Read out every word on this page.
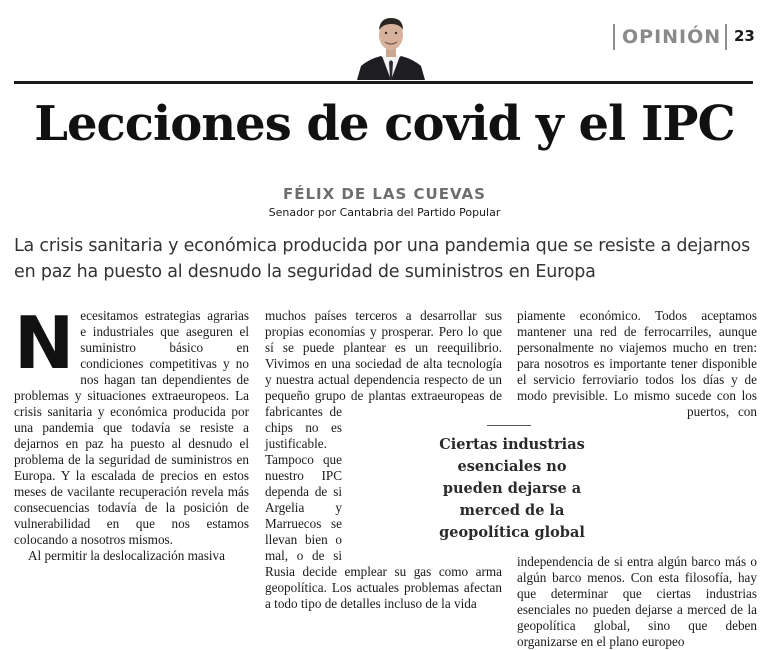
OPINIÓN 23
Lecciones de covid y el IPC
FÉLIX DE LAS CUEVAS
Senador por Cantabria del Partido Popular
La crisis sanitaria y económica producida por una pandemia que se resiste a dejarnos en paz ha puesto al desnudo la seguridad de suministros en Europa
N ecesitamos estrategias agrarias e industriales que aseguren el suministro básico en condiciones competitivas y no nos hagan tan dependientes de problemas y situaciones extraeuropeos. La crisis sanitaria y económica producida por una pandemia que todavía se resiste a dejarnos en paz ha puesto al desnudo el problema de la seguridad de suministros en Europa. Y la escalada de precios en estos meses de vacilante recuperación revela más consecuencias todavía de la posición de vulnerabilidad en que nos estamos colocando a nosotros mismos.
Al permitir la deslocalización masiva
muchos países terceros a desarrollar sus propias economías y prosperar. Pero lo que sí se puede plantear es un reequilibrio. Vivimos en una sociedad de alta tecnología y nuestra actual dependencia respecto de un pequeño grupo de plantas extraeuropeas de fabricantes de chips no es justificable. Tampoco que nuestro IPC dependa de si Argelia y Marruecos se llevan bien o mal, o de si Rusia decide emplear su gas como arma geopolítica. Los actuales problemas afectan a todo tipo de detalles incluso de la vida
piamente económico. Todos aceptamos mantener una red de ferrocarriles, aunque personalmente no viajemos mucho en tren: para nosotros es importante tener disponible el servicio ferroviario todos los días y de modo previsible. Lo mismo sucede con los puertos, con independencia de si entra algún barco más o algún barco menos. Con esta filosofía, hay que determinar que ciertas industrias esenciales no pueden dejarse a merced de la geopolítica global, sino que deben organizarse en el plano europeo
Ciertas industrias esenciales no pueden dejarse a merced de la geopolítica global
